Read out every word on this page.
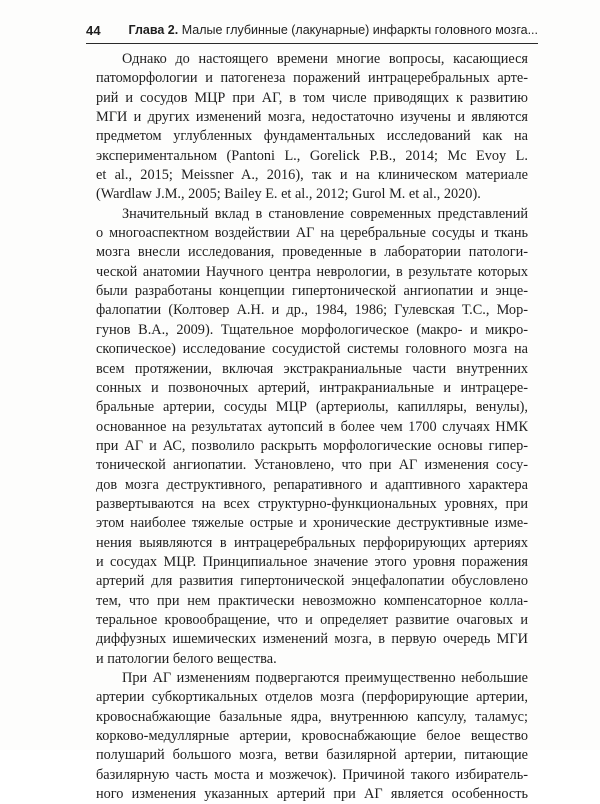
44 Глава 2. Малые глубинные (лакунарные) инфаркты головного мозга...
Однако до настоящего времени многие вопросы, касающиеся
патоморфологии и патогенеза поражений интрацеребральных арте-
рий и сосудов МЦР при АГ, в том числе приводящих к развитию
МГИ и других изменений мозга, недостаточно изучены и являются
предметом углубленных фундаментальных исследований как на
экспериментальном (Pantoni L., Gorelick P.B., 2014; Mc Evoy L.
et al., 2015; Meissner A., 2016), так и на клиническом материале
(Wardlaw J.M., 2005; Bailey E. et al., 2012; Gurol M. et al., 2020).
Значительный вклад в становление современных представлений
о многоаспектном воздействии АГ на церебральные сосуды и ткань
мозга внесли исследования, проведенные в лаборатории патологи-
ческой анатомии Научного центра неврологии, в результате которых
были разработаны концепции гипертонической ангиопатии и энце-
фалопатии (Колтовер А.Н. и др., 1984, 1986; Гулевская Т.С., Мор-
гунов В.А., 2009). Тщательное морфологическое (макро- и микро-
скопическое) исследование сосудистой системы головного мозга на
всем протяжении, включая экстракраниальные части внутренних
сонных и позвоночных артерий, интракраниальные и интрацере-
бральные артерии, сосуды МЦР (артериолы, капилляры, венулы),
основанное на результатах аутопсий в более чем 1700 случаях НМК
при АГ и АС, позволило раскрыть морфологические основы гипер-
тонической ангиопатии. Установлено, что при АГ изменения сосу-
дов мозга деструктивного, репаративного и адаптивного характера
развертываются на всех структурно-функциональных уровнях, при
этом наиболее тяжелые острые и хронические деструктивные изме-
нения выявляются в интрацеребральных перфорирующих артериях
и сосудах МЦР. Принципиальное значение этого уровня поражения
артерий для развития гипертонической энцефалопатии обусловлено
тем, что при нем практически невозможно компенсаторное колла-
теральное кровообращение, что и определяет развитие очаговых и
диффузных ишемических изменений мозга, в первую очередь МГИ
и патологии белого вещества.
При АГ изменениям подвергаются преимущественно небольшие
артерии субкортикальных отделов мозга (перфорирующие артерии,
кровоснабжающие базальные ядра, внутреннюю капсулу, таламус;
корково-медуллярные артерии, кровоснабжающие белое вещество
полушарий большого мозга, ветви базилярной артерии, питающие
базилярную часть моста и мозжечок). Причиной такого избиратель-
ного изменения указанных артерий при АГ является особенность
